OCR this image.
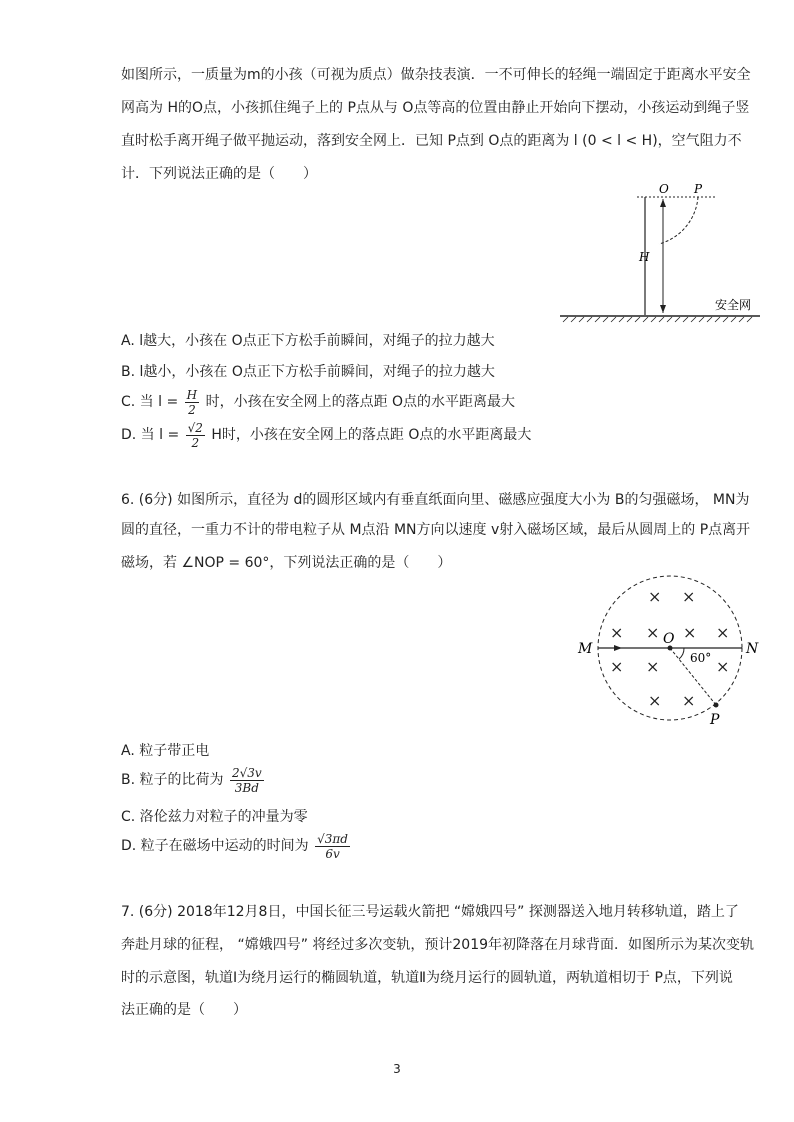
如图所示，一质量为m的小孩（可视为质点）做杂技表演．一不可伸长的轻绳一端固定于距离水平安全
网高为 H的O点，小孩抓住绳子上的 P点从与 O点等高的位置由静止开始向下摆动，小孩运动到绳子竖
直时松手离开绳子做平抛运动，落到安全网上．已知 P点到 O点的距离为 l (0 < l < H)，空气阻力不
计．下列说法正确的是（　　）
O P
H
安全网
A. l越大，小孩在 O点正下方松手前瞬间，对绳子的拉力越大
B. l越小，小孩在 O点正下方松手前瞬间，对绳子的拉力越大
C. 当 $l = \frac{H}{2}$ 时，小孩在安全网上的落点距 O点的水平距离最大
D. 当 $l = \frac{√2}{2}$ H时，小孩在安全网上的落点距 O点的水平距离最大
6. (6分) 如图所示，直径为 d的圆形区域内有垂直纸面向里、磁感应强度大小为 B的匀强磁场， MN为
圆的直径，一重力不计的带电粒子从 M点沿 MN方向以速度 v射入磁场区域，最后从圆周上的 P点离开
磁场，若 ∠NOP = 60°，下列说法正确的是（　　）
× ×
× × × ×
× ×	×
× ×
M	N
O
P
60°
A. 粒子带正电
B. 粒子的比荷为 $\frac{2√3v}{3Bd}$
C. 洛伦兹力对粒子的冲量为零
D. 粒子在磁场中运动的时间为 $\frac{√3\pi d}{6v}$
7. (6分) 2018年12月8日，中国长征三号运载火箭把 “嫦娥四号” 探测器送入地月转移轨道，踏上了
奔赴月球的征程， “嫦娥四号” 将经过多次变轨，预计2019年初降落在月球背面．如图所示为某次变轨
时的示意图，轨道Ⅰ为绕月运行的椭圆轨道，轨道Ⅱ为绕月运行的圆轨道，两轨道相切于 P点，下列说
法正确的是（　　）
3
